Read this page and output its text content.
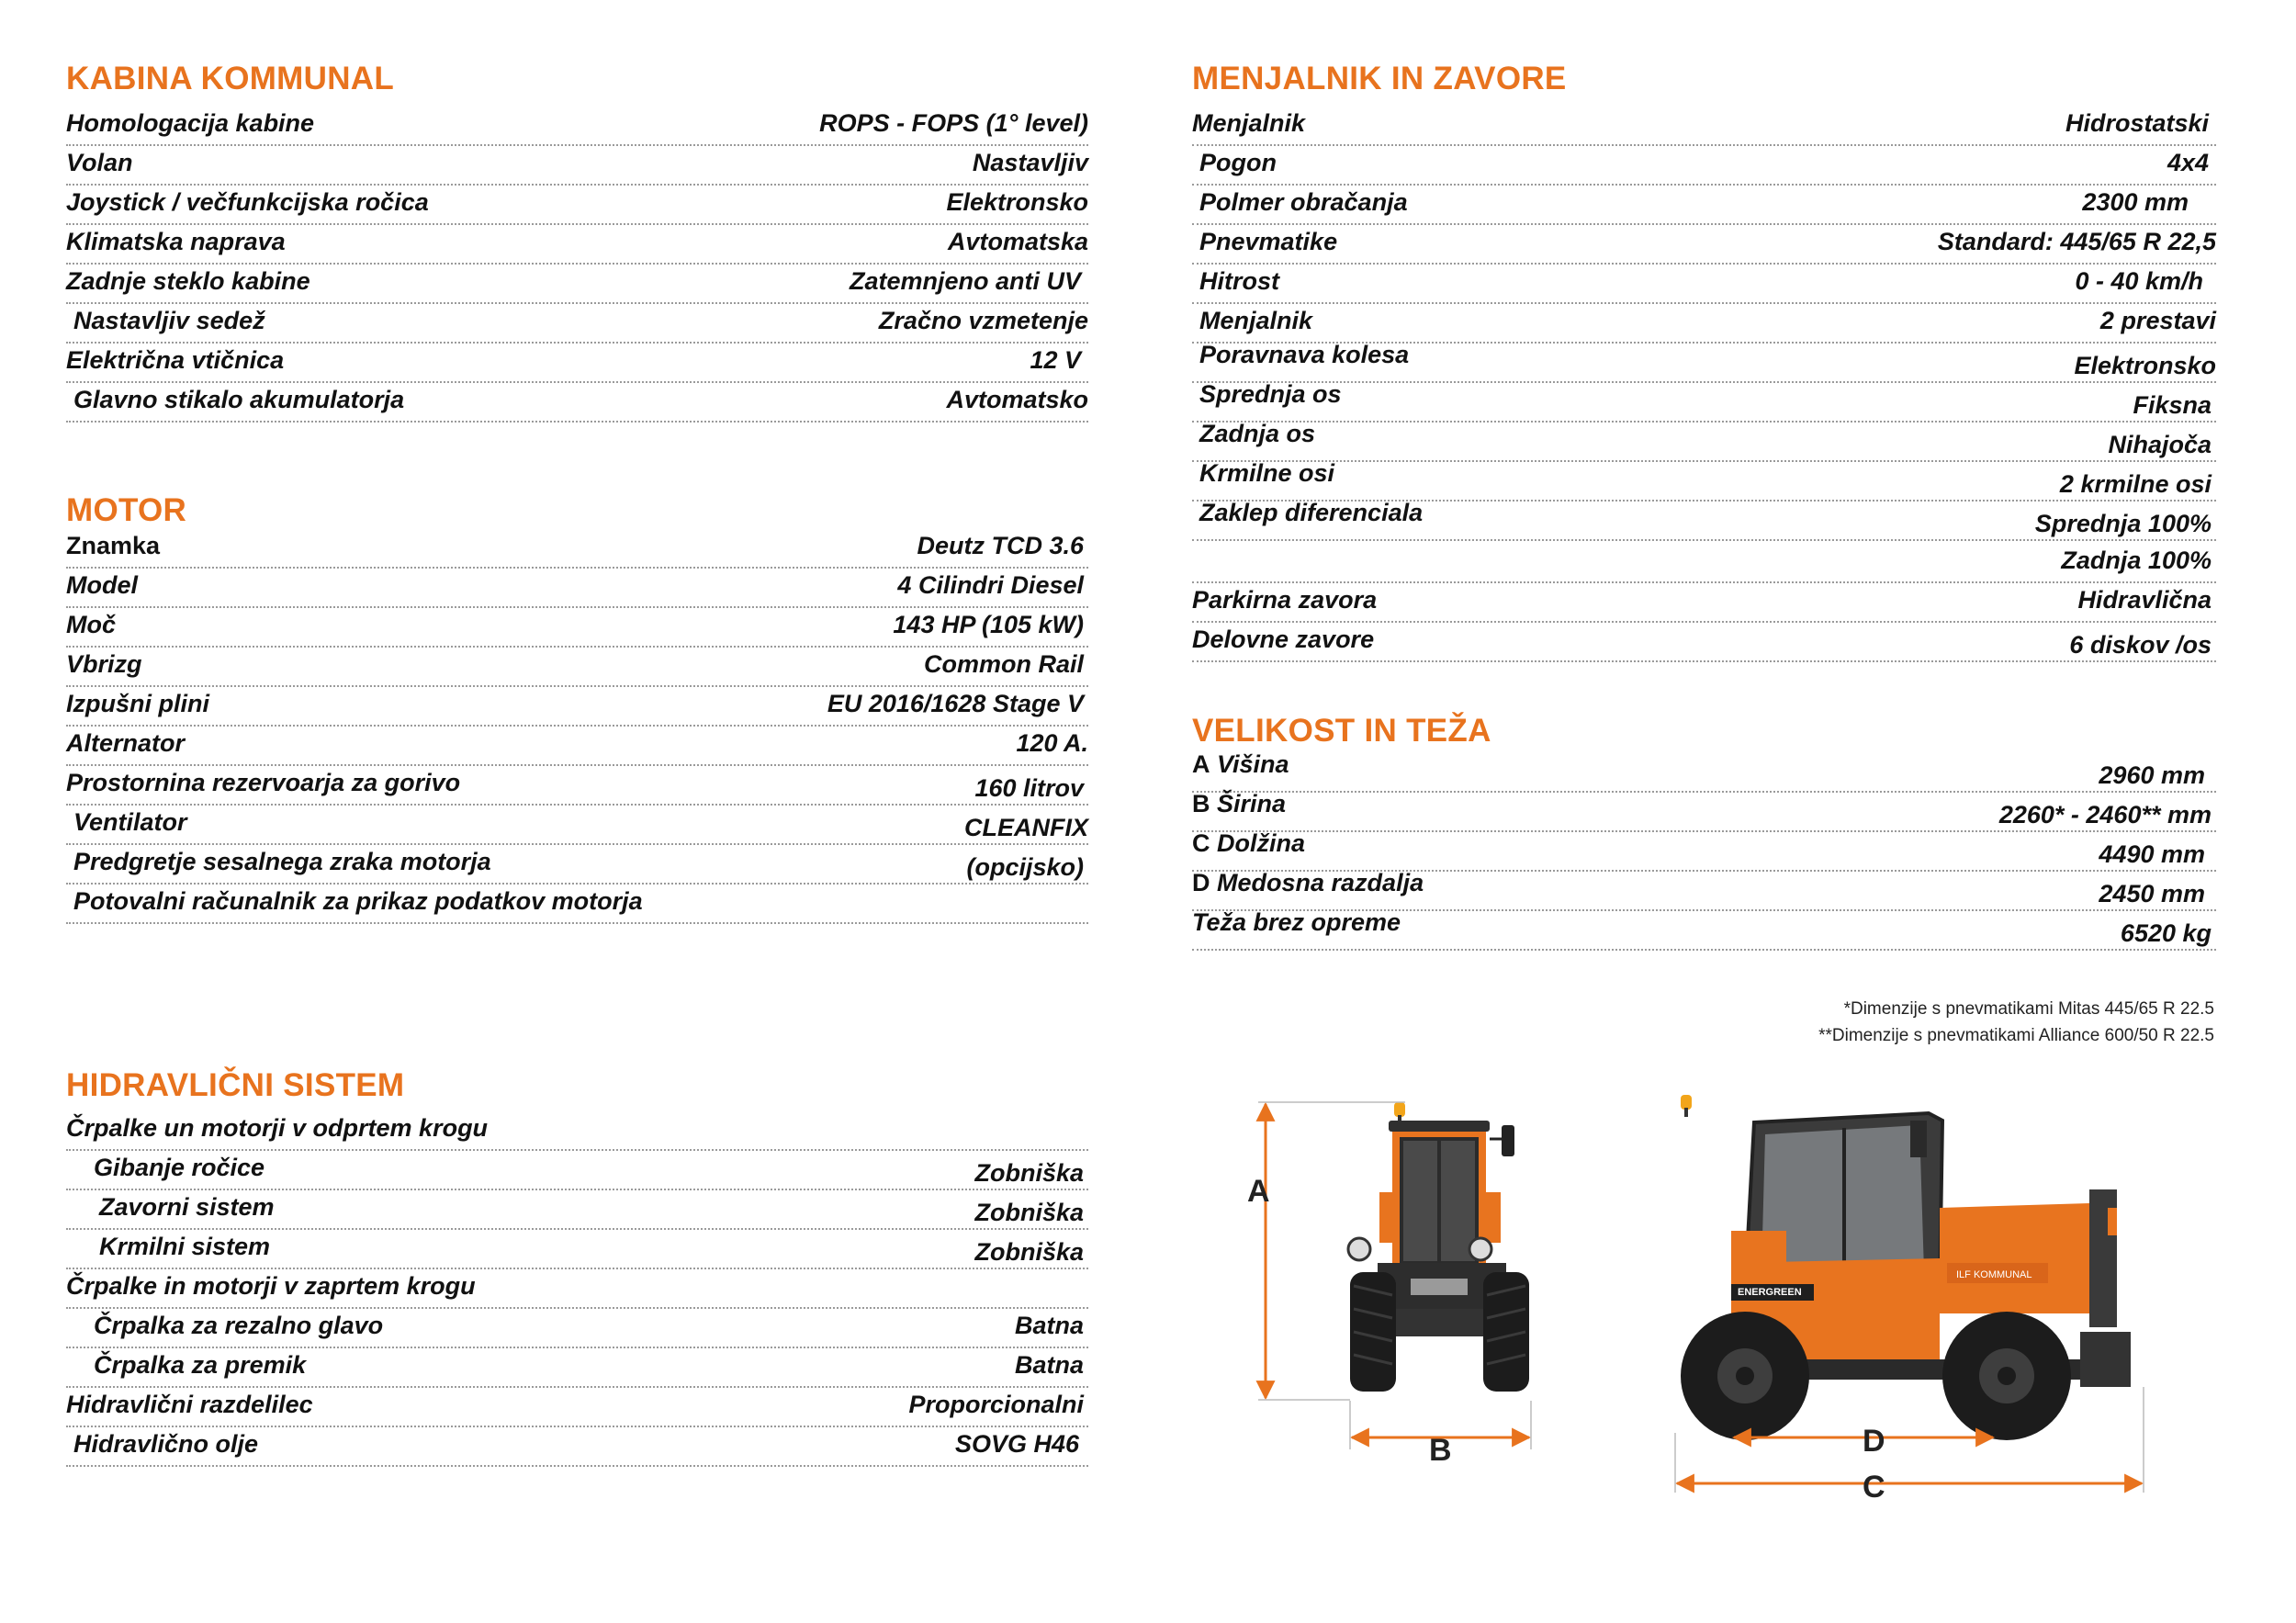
KABINA KOMMUNAL
Homologacija kabine	ROPS - FOPS (1° level)
Volan	Nastavljiv
Joystick / večfunkcijska ročica	Elektronsko
Klimatska naprava	Avtomatska
Zadnje steklo kabine	Zatemnjeno anti UV
Nastavljiv sedež	Zračno vzmetenje
Električna vtičnica	12 V
Glavno stikalo akumulatorja	Avtomatsko
MOTOR
Znamka	Deutz TCD 3.6
Model	4 Cilindri Diesel
Moč	143 HP (105 kW)
Vbrizg	Common Rail
Izpušni plini	EU 2016/1628 Stage V
Alternator	120 A.
Prostornina rezervoarja za gorivo	160 litrov
Ventilator	CLEANFIX
Predgretje sesalnega zraka motorja	(opcijsko)
Potovalni računalnik za prikaz podatkov motorja
HIDRAVLIČNI SISTEM
Črpalke un motorji v odprtem krogu
Gibanje ročice	Zobniška
Zavorni sistem	Zobniška
Krmilni sistem	Zobniška
Črpalke in motorji v zaprtem krogu
Črpalka za rezalno glavo	Batna
Črpalka za premik	Batna
Hidravlični razdelilec	Proporcionalni
Hidravlično olje	SOVG H46
MENJALNIK IN ZAVORE
Menjalnik	Hidrostatski
Pogon	4x4
Polmer obračanja	2300 mm
Pnevmatike	Standard: 445/65 R 22,5
Hitrost	0 - 40 km/h
Menjalnik	2 prestavi
Poravnava kolesa	Elektronsko
Sprednja os	Fiksna
Zadnja os	Nihajoča
Krmilne osi	2 krmilne osi
Zaklep diferenciala	Sprednja 100%
Zadnja 100%
Parkirna zavora	Hidravlična
Delovne zavore	6 diskov /os
VELIKOST IN TEŽA
A Višina	2960 mm
B Širina	2260* - 2460** mm
C Dolžina	4490 mm
D Medosna razdalja	2450 mm
Teža brez opreme	6520 kg
*Dimenzije s pnevmatikami Mitas 445/65 R 22.5
**Dimenzije s pnevmatikami Alliance 600/50 R 22.5
ENERGREEN
ILF KOMMUNAL
A
B	D
C
